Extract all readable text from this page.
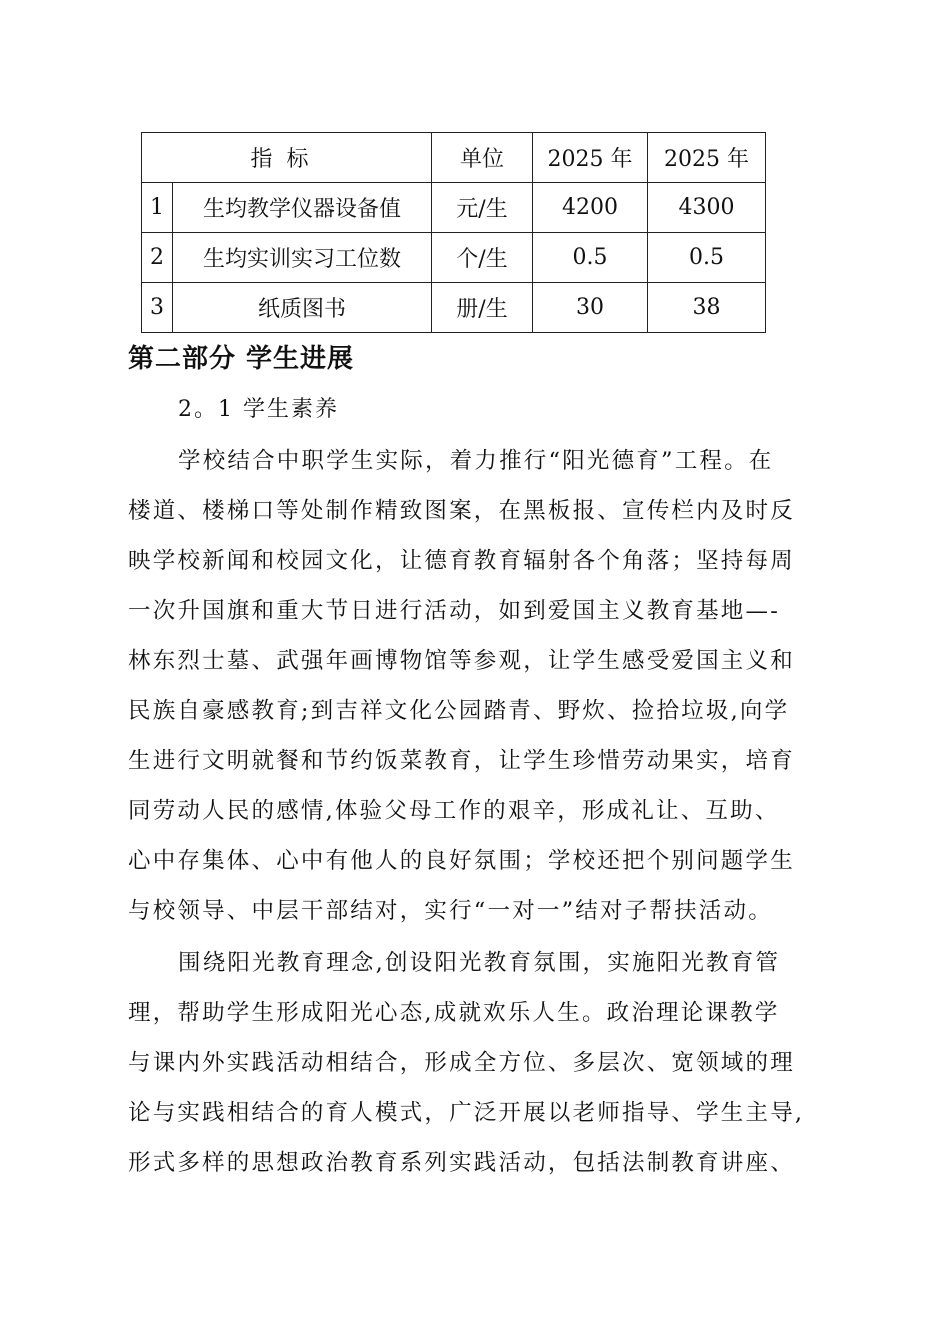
指标		单位	2025 年	2025 年
1	生均教学仪器设备值	元/生	4200	4300
2	生均实训实习工位数	个/生	0.5	0.5
3	纸质图书	册/生	30	38
第二部分 学生进展
2。1 学生素养

学校结合中职学生实际，着力推行“阳光德育”工程。在

楼道、楼梯口等处制作精致图案，在黑板报、宣传栏内及时反

映学校新闻和校园文化，让德育教育辐射各个角落；坚持每周

一次升国旗和重大节日进行活动，如到爱国主义教育基地—-

林东烈士墓、武强年画博物馆等参观，让学生感受爱国主义和

民族自豪感教育;到吉祥文化公园踏青、野炊、捡拾垃圾,向学

生进行文明就餐和节约饭菜教育，让学生珍惜劳动果实，培育

同劳动人民的感情,体验父母工作的艰辛，形成礼让、互助、

心中存集体、心中有他人的良好氛围；学校还把个别问题学生

与校领导、中层干部结对，实行“一对一”结对子帮扶活动。

围绕阳光教育理念,创设阳光教育氛围，实施阳光教育管

理，帮助学生形成阳光心态,成就欢乐人生。政治理论课教学

与课内外实践活动相结合，形成全方位、多层次、宽领域的理

论与实践相结合的育人模式，广泛开展以老师指导、学生主导,

形式多样的思想政治教育系列实践活动，包括法制教育讲座、
